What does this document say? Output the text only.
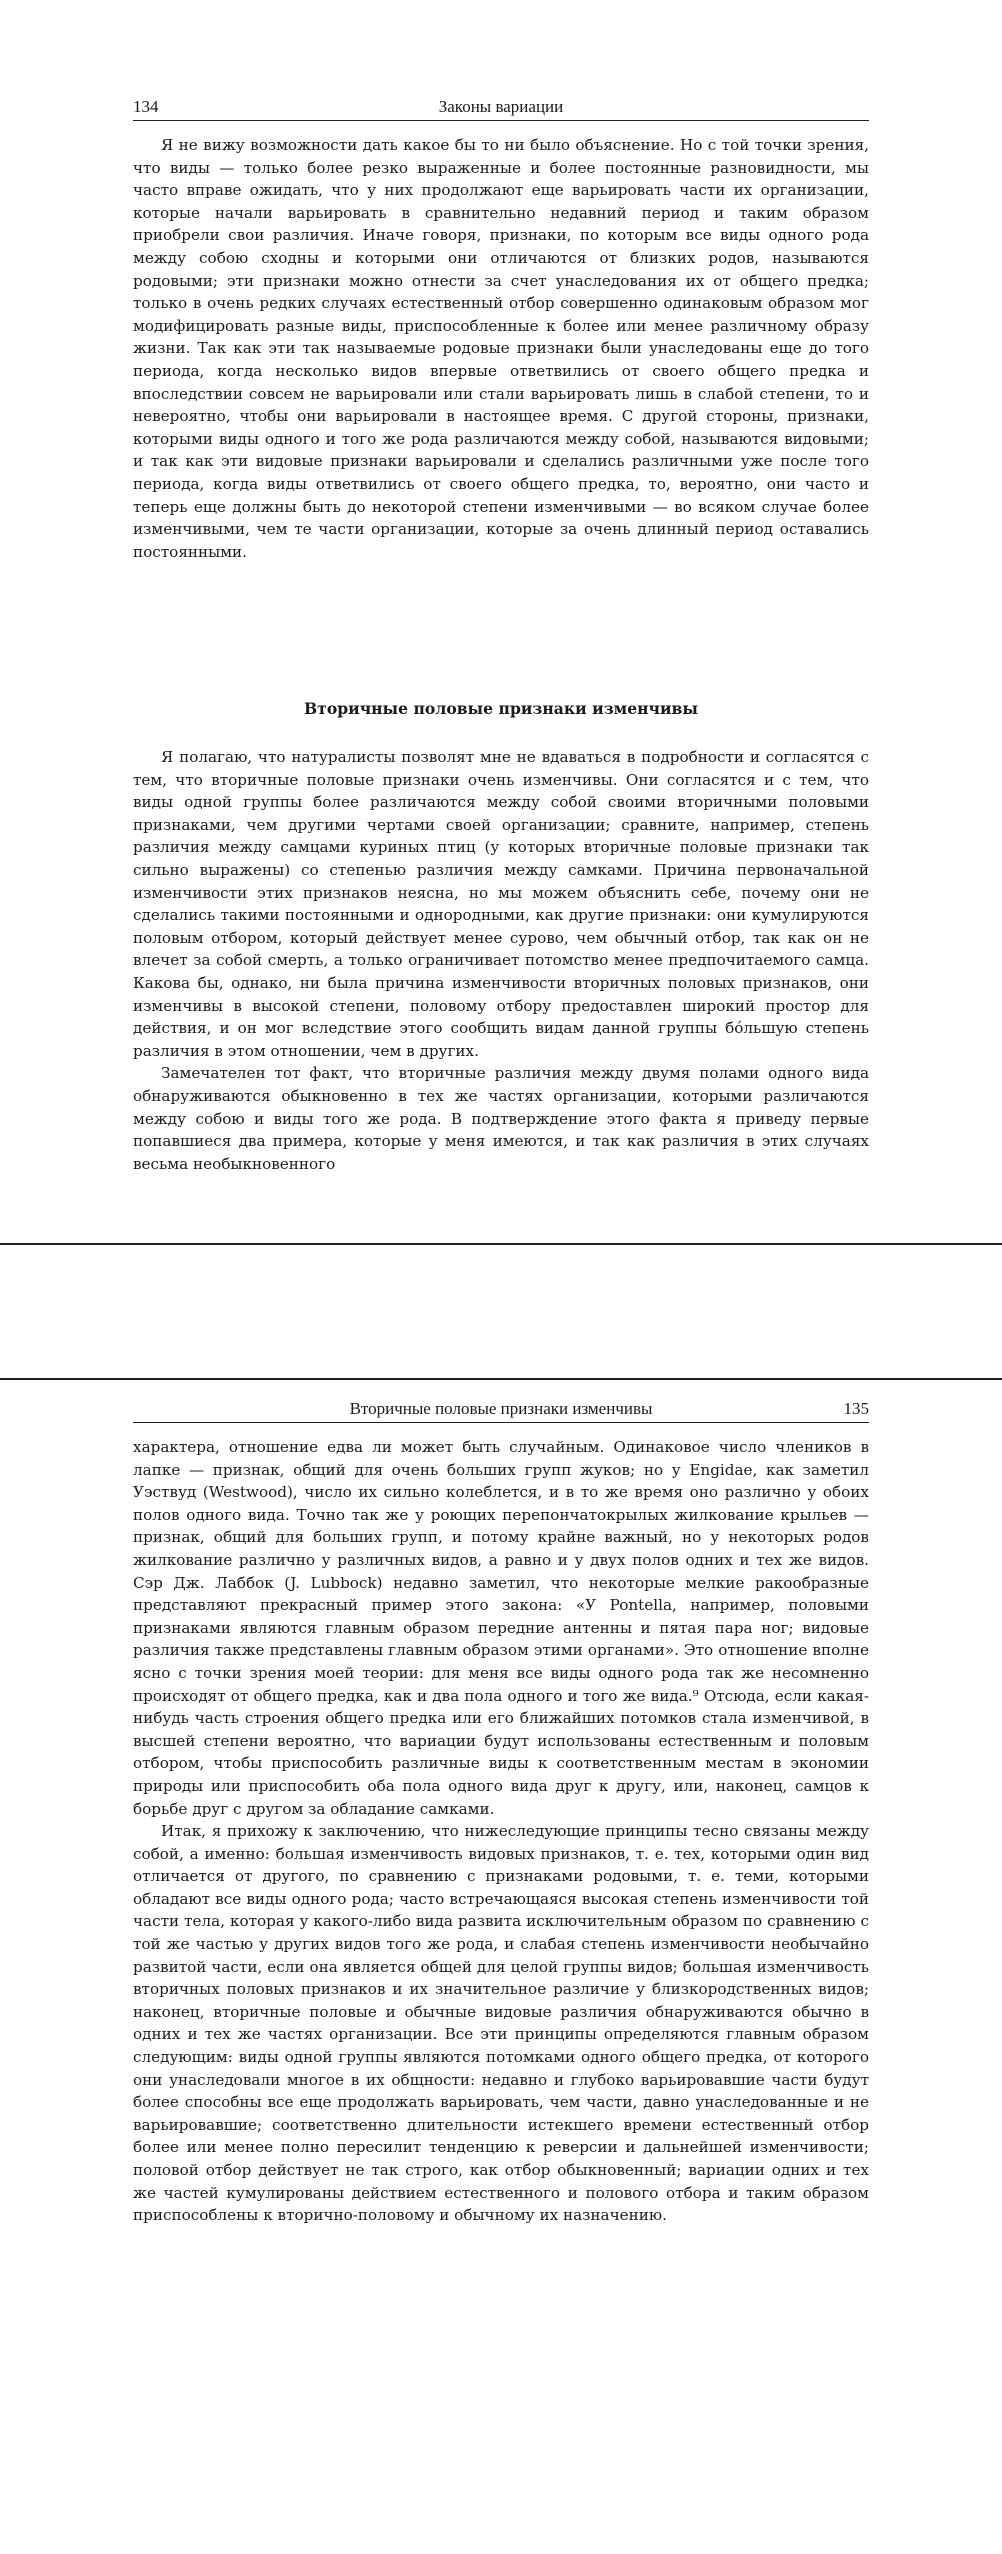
134	Законы вариации

Я не вижу возможности дать какое бы то ни было объяснение. Но с той точки зрения, что виды — только более резко выраженные и более постоянные разновидности, мы часто вправе ожидать, что у них продолжают еще варьировать части их организации, которые начали варьировать в сравнительно недавний период и таким образом приобрели свои различия. Иначе говоря, признаки, по которым все виды одного рода между собою сходны и которыми они отличаются от близких родов, называются родовыми; эти признаки можно отнести за счет унаследования их от общего предка; только в очень редких случаях естественный отбор совершенно одинаковым образом мог модифицировать разные виды, приспособленные к более или менее различному образу жизни. Так как эти так называемые родовые признаки были унаследованы еще до того периода, когда несколько видов впервые ответвились от своего общего предка и впоследствии совсем не варьировали или стали варьировать лишь в слабой степени, то и невероятно, чтобы они варьировали в настоящее время. С другой стороны, признаки, которыми виды одного и того же рода различаются между собой, называются видовыми; и так как эти видовые признаки варьировали и сделались различными уже после того периода, когда виды ответвились от своего общего предка, то, вероятно, они часто и теперь еще должны быть до некоторой степени изменчивыми — во всяком случае более изменчивыми, чем те части организации, которые за очень длинный период оставались постоянными.

Вторичные половые признаки изменчивы

Я полагаю, что натуралисты позволят мне не вдаваться в подробности и согласятся с тем, что вторичные половые признаки очень изменчивы. Они согласятся и с тем, что виды одной группы более различаются между собой своими вторичными половыми признаками, чем другими чертами своей организации; сравните, например, степень различия между самцами куриных птиц (у которых вторичные половые признаки так сильно выражены) со степенью различия между самками. Причина первоначальной изменчивости этих признаков неясна, но мы можем объяснить себе, почему они не сделались такими постоянными и однородными, как другие признаки: они кумулируются половым отбором, который действует менее сурово, чем обычный отбор, так как он не влечет за собой смерть, а только ограничивает потомство менее предпочитаемого самца. Какова бы, однако, ни была причина изменчивости вторичных половых признаков, они изменчивы в высокой степени, половому отбору предоставлен широкий простор для действия, и он мог вследствие этого сообщить видам данной группы бо́льшую степень различия в этом отношении, чем в других.

Замечателен тот факт, что вторичные различия между двумя полами одного вида обнаруживаются обыкновенно в тех же частях организации, которыми различаются между собою и виды того же рода. В подтверждение этого факта я приведу первые попавшиеся два примера, которые у меня имеются, и так как различия в этих случаях весьма необыкновенного

Вторичные половые признаки изменчивы	135

характера, отношение едва ли может быть случайным. Одинаковое число члеников в лапке — признак, общий для очень больших групп жуков; но у Engidae, как заметил Уэствуд (Westwood), число их сильно колеблется, и в то же время оно различно у обоих полов одного вида. Точно так же у роющих перепончатокрылых жилкование крыльев — признак, общий для больших групп, и потому крайне важный, но у некоторых родов жилкование различно у различных видов, а равно и у двух полов одних и тех же видов. Сэр Дж. Лаббок (J. Lubbock) недавно заметил, что некоторые мелкие ракообразные представляют прекрасный пример этого закона: «У Pontella, например, половыми признаками являются главным образом передние антенны и пятая пара ног; видовые различия также представлены главным образом этими органами». Это отношение вполне ясно с точки зрения моей теории: для меня все виды одного рода так же несомненно происходят от общего предка, как и два пола одного и того же вида.⁹ Отсюда, если какая-нибудь часть строения общего предка или его ближайших потомков стала изменчивой, в высшей степени вероятно, что вариации будут использованы естественным и половым отбором, чтобы приспособить различные виды к соответственным местам в экономии природы или приспособить оба пола одного вида друг к другу, или, наконец, самцов к борьбе друг с другом за обладание самками.

Итак, я прихожу к заключению, что нижеследующие принципы тесно связаны между собой, а именно: большая изменчивость видовых признаков, т. е. тех, которыми один вид отличается от другого, по сравнению с признаками родовыми, т. е. теми, которыми обладают все виды одного рода; часто встречающаяся высокая степень изменчивости той части тела, которая у какого-либо вида развита исключительным образом по сравнению с той же частью у других видов того же рода, и слабая степень изменчивости необычайно развитой части, если она является общей для целой группы видов; большая изменчивость вторичных половых признаков и их значительное различие у близкородственных видов; наконец, вторичные половые и обычные видовые различия обнаруживаются обычно в одних и тех же частях организации. Все эти принципы определяются главным образом следующим: виды одной группы являются потомками одного общего предка, от которого они унаследовали многое в их общности: недавно и глубоко варьировавшие части будут более способны все еще продолжать варьировать, чем части, давно унаследованные и не варьировавшие; соответственно длительности истекшего времени естественный отбор более или менее полно пересилит тенденцию к реверсии и дальнейшей изменчивости; половой отбор действует не так строго, как отбор обыкновенный; вариации одних и тех же частей кумулированы действием естественного и полового отбора и таким образом приспособлены к вторично-половому и обычному их назначению.
